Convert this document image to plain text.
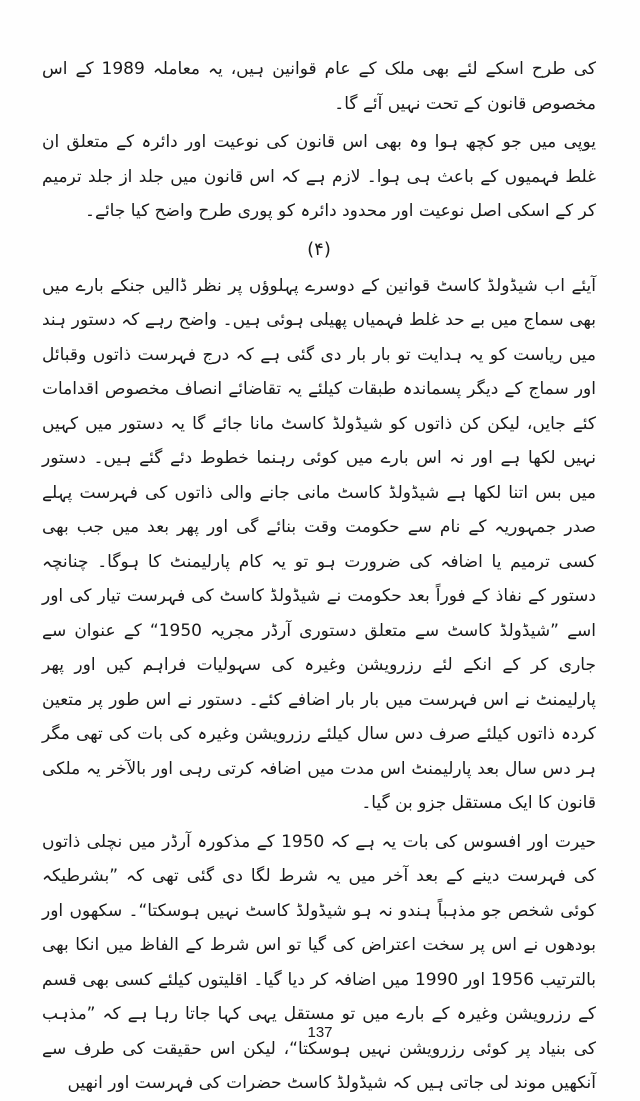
کی طرح اسکے لئے بھی ملک کے عام قوانین ہیں، یہ معاملہ 1989 کے اس مخصوص قانون کے تحت نہیں آئے گا۔

یوپی میں جو کچھ ہوا وہ بھی اس قانون کی نوعیت اور دائرہ کے متعلق ان غلط فہمیوں کے باعث ہی ہوا۔ لازم ہے کہ اس قانون میں جلد از جلد ترمیم کر کے اسکی اصل نوعیت اور محدود دائرہ کو پوری طرح واضح کیا جائے۔

(۴)

آیئے اب شیڈولڈ کاسٹ قوانین کے دوسرے پہلوؤں پر نظر ڈالیں جنکے بارے میں بھی سماج میں بے حد غلط فہمیاں پھیلی ہوئی ہیں۔ واضح رہے کہ دستور ہند میں ریاست کو یہ ہدایت تو بار بار دی گئی ہے کہ درج فہرست ذاتوں وقبائل اور سماج کے دیگر پسماندہ طبقات کیلئے یہ تقاضائے انصاف مخصوص اقدامات کئے جایں، لیکن کن ذاتوں کو شیڈولڈ کاسٹ مانا جائے گا یہ دستور میں کہیں نہیں لکھا ہے اور نہ اس بارے میں کوئی رہنما خطوط دئے گئے ہیں۔ دستور میں بس اتنا لکھا ہے شیڈولڈ کاسٹ مانی جانے والی ذاتوں کی فہرست پہلے صدر جمہوریہ کے نام سے حکومت وقت بنائے گی اور پھر بعد میں جب بھی کسی ترمیم یا اضافہ کی ضرورت ہو تو یہ کام پارلیمنٹ کا ہوگا۔ چنانچہ دستور کے نفاذ کے فوراً بعد حکومت نے شیڈولڈ کاسٹ کی فہرست تیار کی اور اسے ”شیڈولڈ کاسٹ سے متعلق دستوری آرڈر مجریہ 1950“ کے عنوان سے جاری کر کے انکے لئے رزرویشن وغیرہ کی سہولیات فراہم کیں اور پھر پارلیمنٹ نے اس فہرست میں بار بار اضافے کئے۔ دستور نے اس طور پر متعین کردہ ذاتوں کیلئے صرف دس سال کیلئے رزرویشن وغیرہ کی بات کی تھی مگر ہر دس سال بعد پارلیمنٹ اس مدت میں اضافہ کرتی رہی اور بالآخر یہ ملکی قانون کا ایک مستقل جزو بن گیا۔

حیرت اور افسوس کی بات یہ ہے کہ 1950 کے مذکورہ آرڈر میں نچلی ذاتوں کی فہرست دینے کے بعد آخر میں یہ شرط لگا دی گئی تھی کہ ”بشرطیکہ کوئی شخص جو مذہباً ہندو نہ ہو شیڈولڈ کاسٹ نہیں ہوسکتا“۔ سکھوں اور بودھوں نے اس پر سخت اعتراض کی گیا تو اس شرط کے الفاظ میں انکا بھی بالترتیب 1956 اور 1990 میں اضافہ کر دیا گیا۔ اقلیتوں کیلئے کسی بھی قسم کے رزرویشن وغیرہ کے بارے میں تو مستقل یہی کہا جاتا رہا ہے کہ ”مذہب کی بنیاد پر کوئی رزرویشن نہیں ہوسکتا“، لیکن اس حقیقت کی طرف سے آنکھیں موند لی جاتی ہیں کہ شیڈولڈ کاسٹ حضرات کی فہرست اور انھیں

137
